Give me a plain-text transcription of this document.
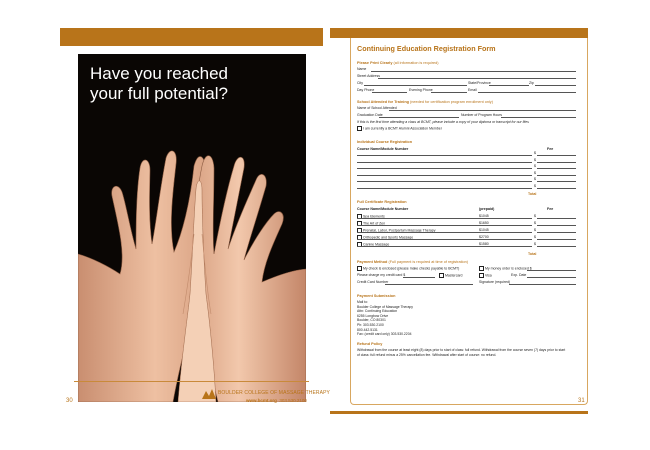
Have you reached
your full potential?
30
BOULDER COLLEGE OF MASSAGE THERAPY
www.bcmt.org 303.530.2100
Continuing Education Registration Form
Please Print Clearly (all information is required)
Name
Street Address
City	State/Province	Zip
Day Phone	Evening Phone	Email
School Attended for Training (needed for certification program enrollment only)
Name of School Attended
Graduation Date	Number of Program Hours
If this is the first time attending a class at BCMT, please include a copy of your diploma or transcript for our files
I am currently a BCMT Alumni Association Member
Individual Course Registration
Course Name/Module Number	Fee
$
$
$
$
$
$
Total
Full Certificate Registration
Course Name/Module Number	(prepaid)	Fee
Spa Elements	$1045	$
The Art of Zen	$1650	$
Prenatal, Labor, Postpartum Massage Therapy	$1045	$
Orthopedic and Sports Massage	$2700	$
Canine Massage	$1580	$
Total
Payment Method (Full payment is required at time of registration)
My check is enclosed (please make checks payable to BCMT)	My money order is enclosed $
Please charge my credit card $	Mastercard	Visa	Exp. Date
Credit Card Number	Signature (required)
Payment Submission
Mail to:
Boulder College of Massage Therapy
Attn: Continuing Education
6255 Longbow Drive
Boulder, CO 80301
Ph: 303.530.2100
800.442.5131
Fax: (credit card only) 303.530.2204
Refund Policy
Withdrawal from the course at least eight (8) days prior to start of class: full refund. Withdrawal from the course seven (7) days prior to start
of class: full refund minus a 25% cancellation fee. Withdrawal after start of course: no refund.
31
